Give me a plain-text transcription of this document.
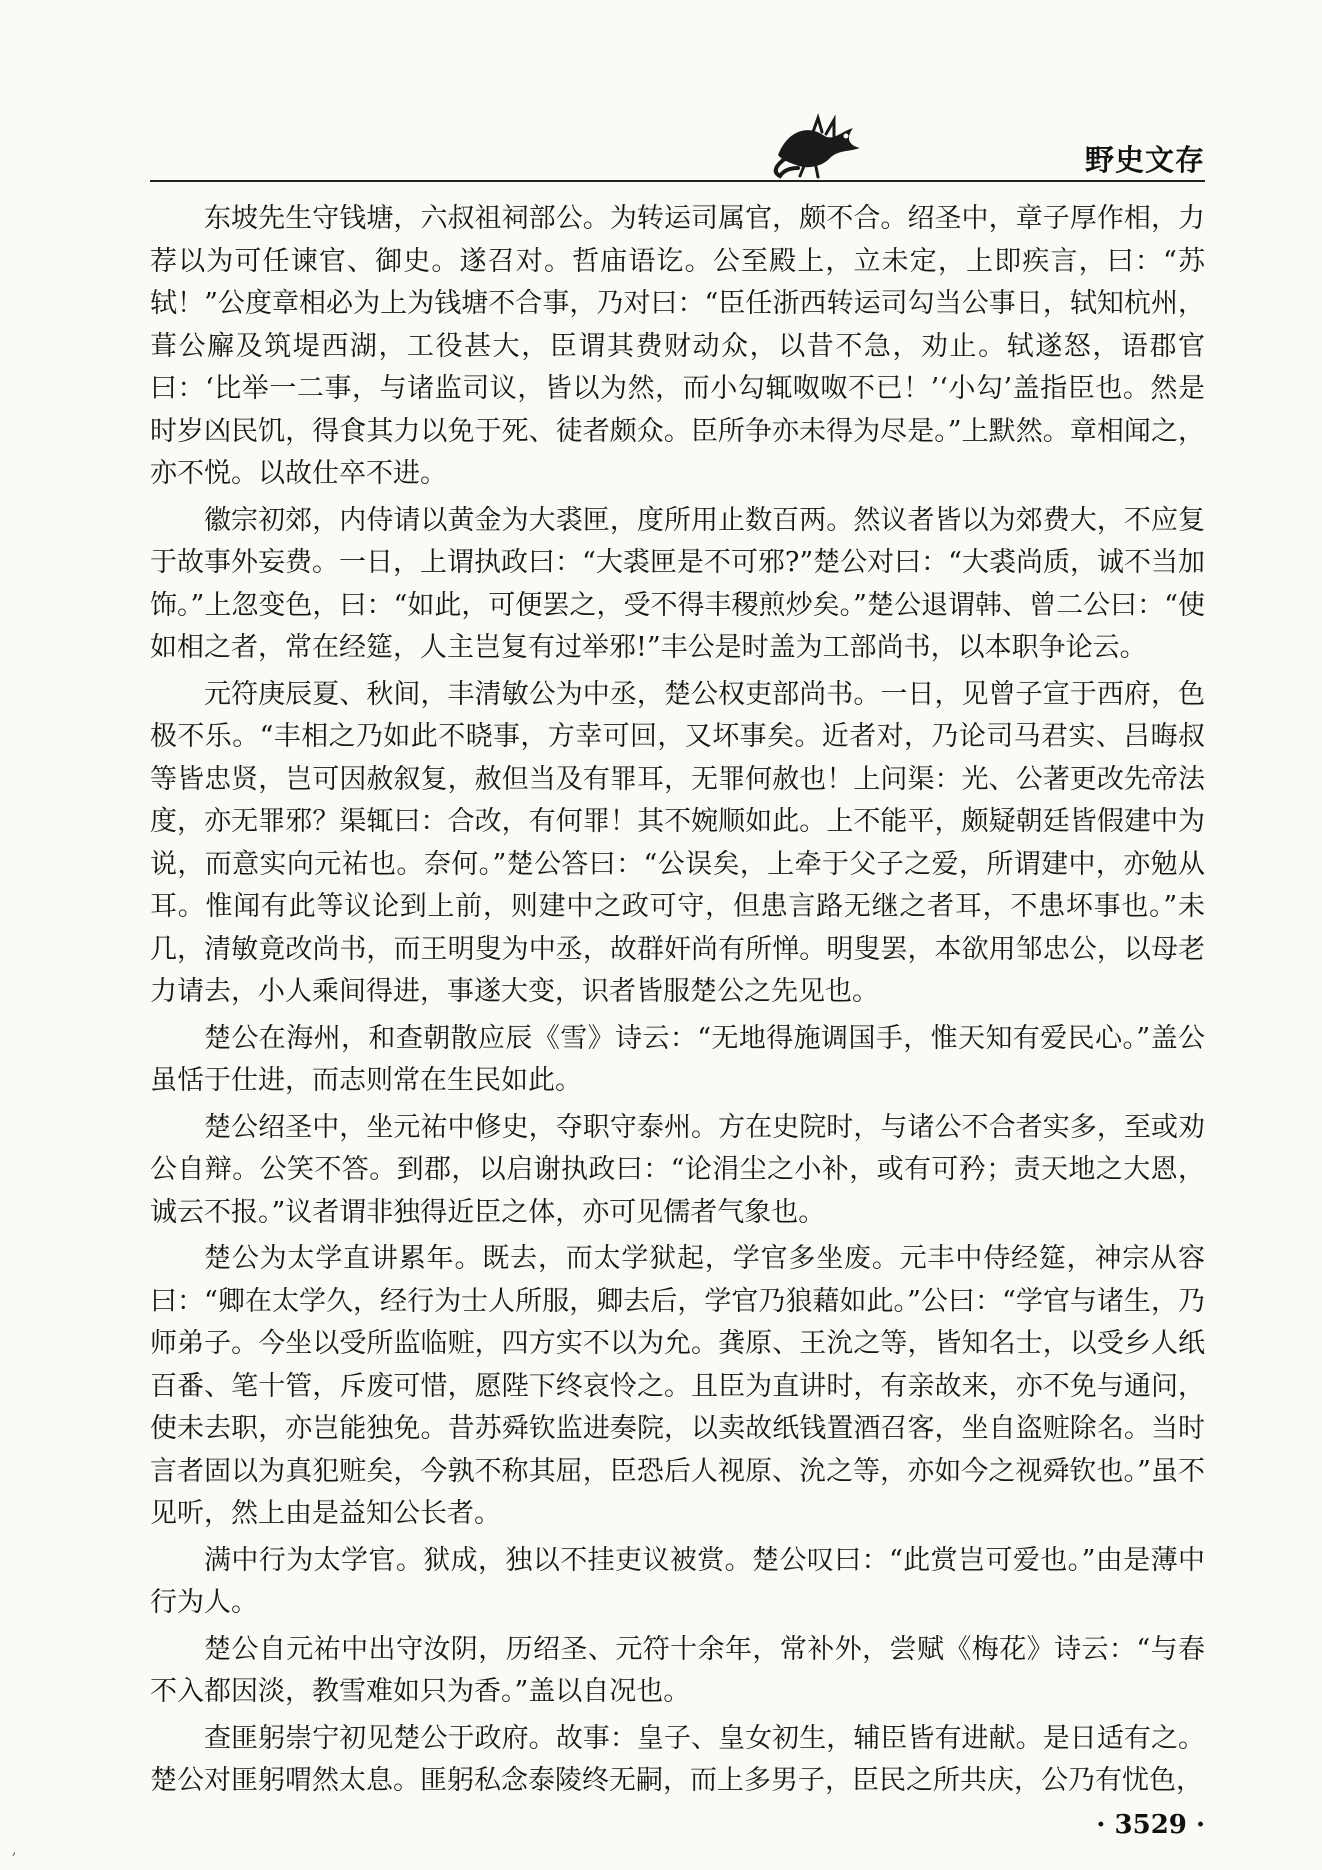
野史文存

东坡先生守钱塘，六叔祖祠部公。为转运司属官，颇不合。绍圣中，章子厚作相，力荐以为可任谏官、御史。遂召对。哲庙语讫。公至殿上，立未定，上即疾言，曰：“苏轼！”公度章相必为上为钱塘不合事，乃对曰：“臣任浙西转运司勾当公事日，轼知杭州，葺公廨及筑堤西湖，工役甚大，臣谓其费财动众，以昔不急，劝止。轼遂怒，语郡官曰：‘比举一二事，与诸监司议，皆以为然，而小勾辄呶呶不已！’‘小勾’盖指臣也。然是时岁凶民饥，得食其力以免于死、徒者颇众。臣所争亦未得为尽是。”上默然。章相闻之，亦不悦。以故仕卒不进。

徽宗初郊，内侍请以黄金为大裘匣，度所用止数百两。然议者皆以为郊费大，不应复于故事外妄费。一日，上谓执政曰：“大裘匣是不可邪?”楚公对曰：“大裘尚质，诚不当加饰。”上忽变色，曰：“如此，可便罢之，受不得丰稷煎炒矣。”楚公退谓韩、曾二公曰：“使如相之者，常在经筵，人主岂复有过举邪!”丰公是时盖为工部尚书，以本职争论云。

元符庚辰夏、秋间，丰清敏公为中丞，楚公权吏部尚书。一日，见曾子宣于西府，色极不乐。“丰相之乃如此不晓事，方幸可回，又坏事矣。近者对，乃论司马君实、吕晦叔等皆忠贤，岂可因赦叙复，赦但当及有罪耳，无罪何赦也！上问渠：光、公著更改先帝法度，亦无罪邪？渠辄曰：合改，有何罪！其不婉顺如此。上不能平，颇疑朝廷皆假建中为说，而意实向元祐也。奈何。”楚公答曰：“公误矣，上牵于父子之爱，所谓建中，亦勉从耳。惟闻有此等议论到上前，则建中之政可守，但患言路无继之者耳，不患坏事也。”未几，清敏竟改尚书，而王明叟为中丞，故群奸尚有所惮。明叟罢，本欲用邹忠公，以母老力请去，小人乘间得进，事遂大变，识者皆服楚公之先见也。

楚公在海州，和查朝散应辰《雪》诗云：“无地得施调国手，惟天知有爱民心。”盖公虽恬于仕进，而志则常在生民如此。

楚公绍圣中，坐元祐中修史，夺职守泰州。方在史院时，与诸公不合者实多，至或劝公自辩。公笑不答。到郡，以启谢执政曰：“论涓尘之小补，或有可矜；责天地之大恩，诚云不报。”议者谓非独得近臣之体，亦可见儒者气象也。

楚公为太学直讲累年。既去，而太学狱起，学官多坐废。元丰中侍经筵，神宗从容曰：“卿在太学久，经行为士人所服，卿去后，学官乃狼藉如此。”公曰：“学官与诸生，乃师弟子。今坐以受所监临赃，四方实不以为允。龚原、王沇之等，皆知名士，以受乡人纸百番、笔十管，斥废可惜，愿陛下终哀怜之。且臣为直讲时，有亲故来，亦不免与通问，使未去职，亦岂能独免。昔苏舜钦监进奏院，以卖故纸钱置酒召客，坐自盗赃除名。当时言者固以为真犯赃矣，今孰不称其屈，臣恐后人视原、沇之等，亦如今之视舜钦也。”虽不见听，然上由是益知公长者。

满中行为太学官。狱成，独以不挂吏议被赏。楚公叹曰：“此赏岂可爱也。”由是薄中行为人。

楚公自元祐中出守汝阴，历绍圣、元符十余年，常补外，尝赋《梅花》诗云：“与春不入都因淡，教雪难如只为香。”盖以自况也。

查匪躬崇宁初见楚公于政府。故事：皇子、皇女初生，辅臣皆有进献。是日适有之。楚公对匪躬喟然太息。匪躬私念泰陵终无嗣，而上多男子，臣民之所共庆，公乃有忧色，

· 3529 ·
,
